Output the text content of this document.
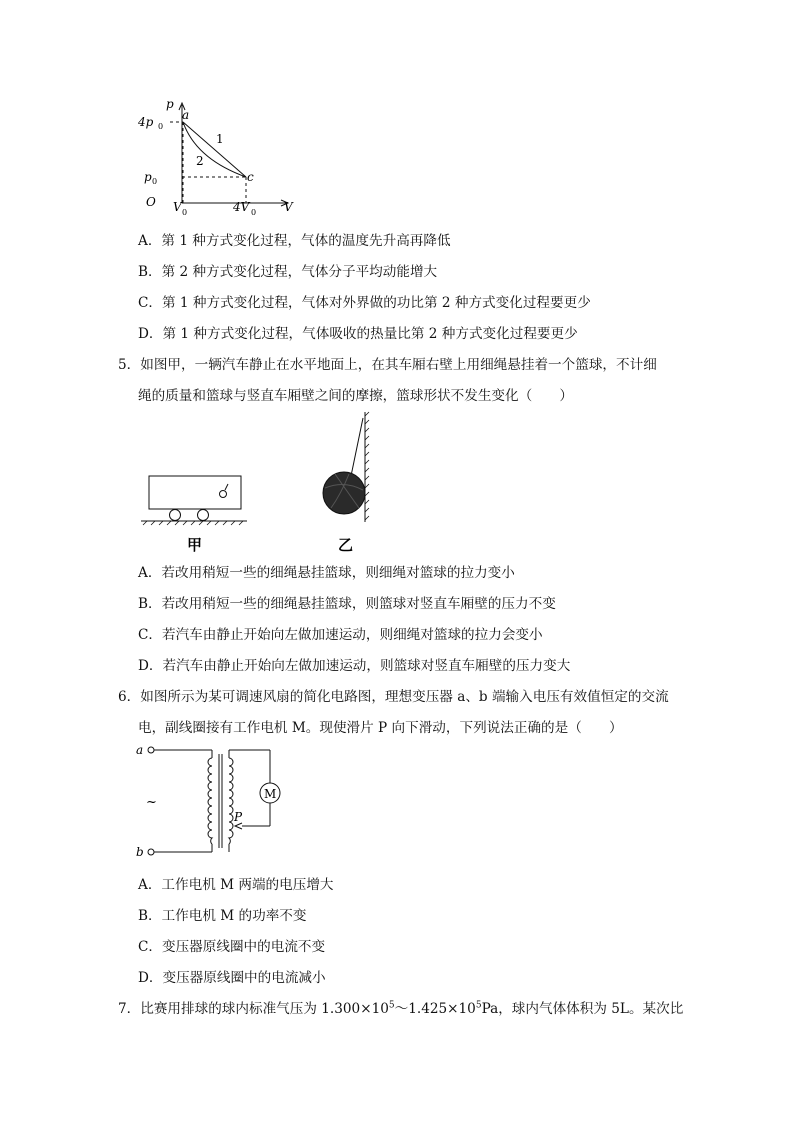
p
a
4p 0
1
2
p 0	c
O V 0	4V 0 V
A．第 1 种方式变化过程，气体的温度先升高再降低
B．第 2 种方式变化过程，气体分子平均动能增大
C．第 1 种方式变化过程，气体对外界做的功比第 2 种方式变化过程要更少
D．第 1 种方式变化过程，气体吸收的热量比第 2 种方式变化过程要更少
5．如图甲，一辆汽车静止在水平地面上，在其车厢右壁上用细绳悬挂着一个篮球，不计细
绳的质量和篮球与竖直车厢壁之间的摩擦，篮球形状不发生变化（　　）
甲	乙
A．若改用稍短一些的细绳悬挂篮球，则细绳对篮球的拉力变小
B．若改用稍短一些的细绳悬挂篮球，则篮球对竖直车厢壁的压力不变
C．若汽车由静止开始向左做加速运动，则细绳对篮球的拉力会变小
D．若汽车由静止开始向左做加速运动，则篮球对竖直车厢壁的压力变大
6．如图所示为某可调速风扇的简化电路图，理想变压器 a、b 端输入电压有效值恒定的交流
电，副线圈接有工作电机 M。现使滑片 P 向下滑动，下列说法正确的是（　　）
a
b
~
M
P
A．工作电机 M 两端的电压增大
B．工作电机 M 的功率不变
C．变压器原线圈中的电流不变
D．变压器原线圈中的电流减小
7．比赛用排球的球内标准气压为 $1.300\times 10^5\sim 1.425\times 10^5Pa$，球内气体体积为 5L。某次比
